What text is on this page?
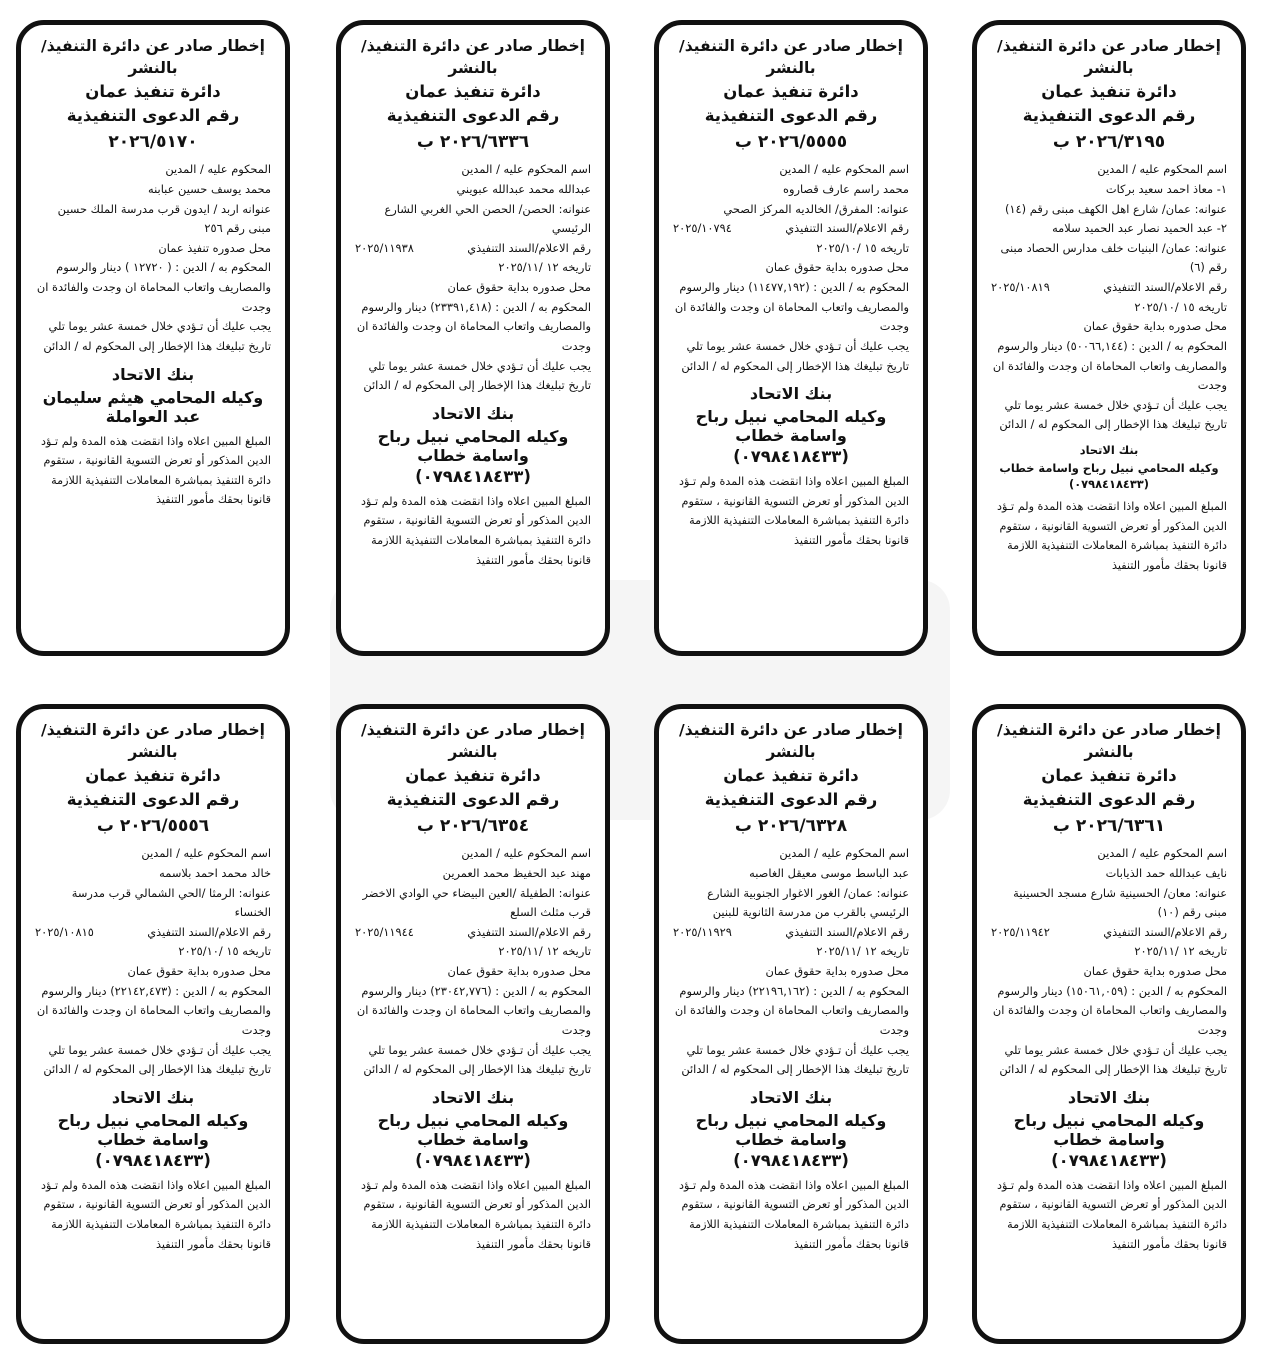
إخطار صادر عن دائرة التنفيذ/ بالنشر
دائرة تنفيذ عمان
رقم الدعوى التنفيذية
٢٠٢٦/٣١٩٥ ب
اسم المحكوم عليه / المدين
١- معاذ احمد سعيد بركات
عنوانه: عمان/ شارع اهل الكهف مبنى رقم (١٤)
٢- عبد الحميد نصار عبد الحميد سلامه
عنوانه: عمان/ البنيات خلف مدارس الحصاد مبنى رقم (٦)
رقم الاعلام/السند التنفيذي
٢٠٢٥/١٠٨١٩
تاريخه ١٥ /٢٠٢٥/١٠
محل صدوره بداية حقوق عمان
المحكوم به / الدين : (٥٠٠٦٦,١٤٤) دينار والرسوم والمصاريف واتعاب المحاماة ان وجدت والفائدة ان وجدت
يجب عليك أن تـؤدي خلال خمسة عشر يوما تلي تاريخ تبليغك هذا الإخطار إلى المحكوم له / الدائن
بنك الاتحاد
وكيله المحامي نبيل رباح واسامة خطاب
(٠٧٩٨٤١٨٤٣٣)
المبلغ المبين اعلاه واذا انقضت هذه المدة ولم تـؤد الدين المذكور أو تعرض التسوية القانونية ، ستقوم دائرة التنفيذ بمباشرة المعاملات التنفيذية اللازمة قانونا بحقك مأمور التنفيذ
إخطار صادر عن دائرة التنفيذ/ بالنشر
دائرة تنفيذ عمان
رقم الدعوى التنفيذية
٢٠٢٦/٥٥٥٥ ب
اسم المحكوم عليه / المدين
محمد راسم عارف قصاروه
عنوانه: المفرق/ الخالديه المركز الصحي
رقم الاعلام/السند التنفيذي
٢٠٢٥/١٠٧٩٤
تاريخه ١٥ /٢٠٢٥/١٠
محل صدوره بداية حقوق عمان
المحكوم به / الدين : (١١٤٧٧,١٩٢) دينار والرسوم والمصاريف واتعاب المحاماة ان وجدت والفائدة ان وجدت
يجب عليك أن تـؤدي خلال خمسة عشر يوما تلي تاريخ تبليغك هذا الإخطار إلى المحكوم له / الدائن
بنك الاتحاد
وكيله المحامي نبيل رباح واسامة خطاب
(٠٧٩٨٤١٨٤٣٣)
المبلغ المبين اعلاه واذا انقضت هذه المدة ولم تـؤد الدين المذكور أو تعرض التسوية القانونية ، ستقوم دائرة التنفيذ بمباشرة المعاملات التنفيذية اللازمة قانونا بحقك مأمور التنفيذ
إخطار صادر عن دائرة التنفيذ/ بالنشر
دائرة تنفيذ عمان
رقم الدعوى التنفيذية
٢٠٢٦/٦٣٣٦ ب
اسم المحكوم عليه / المدين
عبدالله محمد عبدالله عبويني
عنوانه: الحصن/ الحصن الحي الغربي الشارع الرئيسي
رقم الاعلام/السند التنفيذي
٢٠٢٥/١١٩٣٨
تاريخه ١٢ /٢٠٢٥/١١
محل صدوره بداية حقوق عمان
المحكوم به / الدين : (٢٣٣٩١,٤١٨) دينار والرسوم والمصاريف واتعاب المحاماة ان وجدت والفائدة ان وجدت
يجب عليك أن تـؤدي خلال خمسة عشر يوما تلي تاريخ تبليغك هذا الإخطار إلى المحكوم له / الدائن
بنك الاتحاد
وكيله المحامي نبيل رباح واسامة خطاب
(٠٧٩٨٤١٨٤٣٣)
المبلغ المبين اعلاه واذا انقضت هذه المدة ولم تـؤد الدين المذكور أو تعرض التسوية القانونية ، ستقوم دائرة التنفيذ بمباشرة المعاملات التنفيذية اللازمة قانونا بحقك مأمور التنفيذ
إخطار صادر عن دائرة التنفيذ/ بالنشر
دائرة تنفيذ عمان
رقم الدعوى التنفيذية
٢٠٢٦/٥١٧٠
المحكوم عليه / المدين
محمد يوسف حسين عبابنه
عنوانه اربد / ايدون قرب مدرسة الملك حسين مبنى رقم ٢٥٦
محل صدوره تنفيذ عمان
المحكوم به / الدين : ( ١٢٧٢٠ ) دينار والرسوم والمصاريف واتعاب المحاماة ان وجدت والفائدة ان وجدت
يجب عليك أن تـؤدي خلال خمسة عشر يوما تلي تاريخ تبليغك هذا الإخطار إلى المحكوم له / الدائن
بنك الاتحاد
وكيله المحامي هيثم سليمان عبد العواملة
المبلغ المبين اعلاه واذا انقضت هذه المدة ولم تـؤد الدين المذكور أو تعرض التسوية القانونية ، ستقوم دائرة التنفيذ بمباشرة المعاملات التنفيذية اللازمة قانونا بحقك مأمور التنفيذ
إخطار صادر عن دائرة التنفيذ/ بالنشر
دائرة تنفيذ عمان
رقم الدعوى التنفيذية
٢٠٢٦/٦٣٦١ ب
اسم المحكوم عليه / المدين
نايف عبدالله حمد الذيابات
عنوانه: معان/ الحسينية شارع مسجد الحسينية مبنى رقم (١٠)
رقم الاعلام/السند التنفيذي
٢٠٢٥/١١٩٤٢
تاريخه ١٢ /٢٠٢٥/١١
محل صدوره بداية حقوق عمان
المحكوم به / الدين : (١٥٠٦١,٠٥٩) دينار والرسوم والمصاريف واتعاب المحاماة ان وجدت والفائدة ان وجدت
يجب عليك أن تـؤدي خلال خمسة عشر يوما تلي تاريخ تبليغك هذا الإخطار إلى المحكوم له / الدائن
بنك الاتحاد
وكيله المحامي نبيل رباح واسامة خطاب
(٠٧٩٨٤١٨٤٣٣)
المبلغ المبين اعلاه واذا انقضت هذه المدة ولم تـؤد الدين المذكور أو تعرض التسوية القانونية ، ستقوم دائرة التنفيذ بمباشرة المعاملات التنفيذية اللازمة قانونا بحقك مأمور التنفيذ
إخطار صادر عن دائرة التنفيذ/ بالنشر
دائرة تنفيذ عمان
رقم الدعوى التنفيذية
٢٠٢٦/٦٣٢٨ ب
اسم المحكوم عليه / المدين
عبد الباسط موسى معيقل الغاصبه
عنوانه: عمان/ الغور الاغوار الجنوبية الشارع الرئيسي بالقرب من مدرسة الثانوية للبنين
رقم الاعلام/السند التنفيذي
٢٠٢٥/١١٩٢٩
تاريخه ١٢ /٢٠٢٥/١١
محل صدوره بداية حقوق عمان
المحكوم به / الدين : (٢٢١٩٦,١٦٢) دينار والرسوم والمصاريف واتعاب المحاماة ان وجدت والفائدة ان وجدت
يجب عليك أن تـؤدي خلال خمسة عشر يوما تلي تاريخ تبليغك هذا الإخطار إلى المحكوم له / الدائن
بنك الاتحاد
وكيله المحامي نبيل رباح واسامة خطاب
(٠٧٩٨٤١٨٤٣٣)
المبلغ المبين اعلاه واذا انقضت هذه المدة ولم تـؤد الدين المذكور أو تعرض التسوية القانونية ، ستقوم دائرة التنفيذ بمباشرة المعاملات التنفيذية اللازمة قانونا بحقك مأمور التنفيذ
إخطار صادر عن دائرة التنفيذ/ بالنشر
دائرة تنفيذ عمان
رقم الدعوى التنفيذية
٢٠٢٦/٦٣٥٤ ب
اسم المحكوم عليه / المدين
مهند عبد الحفيظ محمد العمرين
عنوانه: الطفيلة /العين البيضاء حي الوادي الاخضر قرب مثلث السلع
رقم الاعلام/السند التنفيذي
٢٠٢٥/١١٩٤٤
تاريخه ١٢ /٢٠٢٥/١١
محل صدوره بداية حقوق عمان
المحكوم به / الدين : (٢٣٠٤٢,٧٧٦) دينار والرسوم والمصاريف واتعاب المحاماة ان وجدت والفائدة ان وجدت
يجب عليك أن تـؤدي خلال خمسة عشر يوما تلي تاريخ تبليغك هذا الإخطار إلى المحكوم له / الدائن
بنك الاتحاد
وكيله المحامي نبيل رباح واسامة خطاب
(٠٧٩٨٤١٨٤٣٣)
المبلغ المبين اعلاه واذا انقضت هذه المدة ولم تـؤد الدين المذكور أو تعرض التسوية القانونية ، ستقوم دائرة التنفيذ بمباشرة المعاملات التنفيذية اللازمة قانونا بحقك مأمور التنفيذ
إخطار صادر عن دائرة التنفيذ/ بالنشر
دائرة تنفيذ عمان
رقم الدعوى التنفيذية
٢٠٢٦/٥٥٥٦ ب
اسم المحكوم عليه / المدين
خالد محمد احمد بلاسمه
عنوانه: الرمثا /الحي الشمالي قرب مدرسة الخنساء
رقم الاعلام/السند التنفيذي
٢٠٢٥/١٠٨١٥
تاريخه ١٥ /٢٠٢٥/١٠
محل صدوره بداية حقوق عمان
المحكوم به / الدين : (٢٢١٤٢,٤٧٣) دينار والرسوم والمصاريف واتعاب المحاماة ان وجدت والفائدة ان وجدت
يجب عليك أن تـؤدي خلال خمسة عشر يوما تلي تاريخ تبليغك هذا الإخطار إلى المحكوم له / الدائن
بنك الاتحاد
وكيله المحامي نبيل رباح واسامة خطاب
(٠٧٩٨٤١٨٤٣٣)
المبلغ المبين اعلاه واذا انقضت هذه المدة ولم تـؤد الدين المذكور أو تعرض التسوية القانونية ، ستقوم دائرة التنفيذ بمباشرة المعاملات التنفيذية اللازمة قانونا بحقك مأمور التنفيذ
